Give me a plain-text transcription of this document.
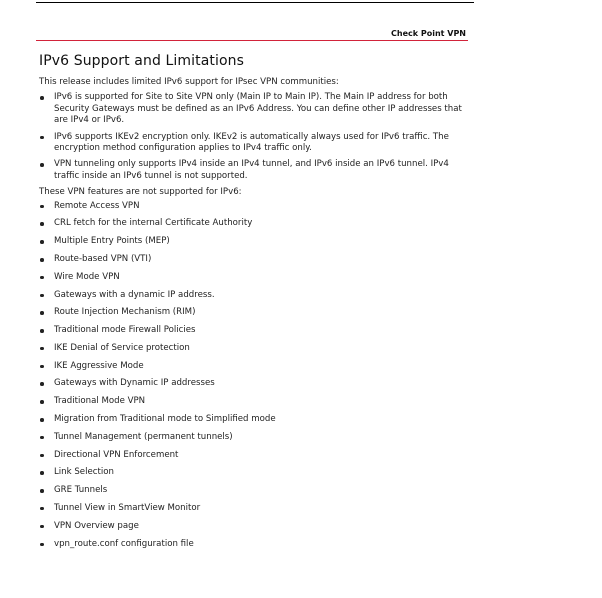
Check Point VPN
IPv6 Support and Limitations

This release includes limited IPv6 support for IPsec VPN communities:

IPv6 is supported for Site to Site VPN only (Main IP to Main IP). The Main IP address for both Security Gateways must be defined as an IPv6 Address. You can define other IP addresses that are IPv4 or IPv6.
IPv6 supports IKEv2 encryption only. IKEv2 is automatically always used for IPv6 traffic. The encryption method configuration applies to IPv4 traffic only.
VPN tunneling only supports IPv4 inside an IPv4 tunnel, and IPv6 inside an IPv6 tunnel. IPv4 traffic inside an IPv6 tunnel is not supported.

These VPN features are not supported for IPv6:

Remote Access VPN
CRL fetch for the internal Certificate Authority
Multiple Entry Points (MEP)
Route-based VPN (VTI)
Wire Mode VPN
Gateways with a dynamic IP address.
Route Injection Mechanism (RIM)
Traditional mode Firewall Policies
IKE Denial of Service protection
IKE Aggressive Mode
Gateways with Dynamic IP addresses
Traditional Mode VPN
Migration from Traditional mode to Simplified mode
Tunnel Management (permanent tunnels)
Directional VPN Enforcement
Link Selection
GRE Tunnels
Tunnel View in SmartView Monitor
VPN Overview page
vpn_route.conf configuration file
